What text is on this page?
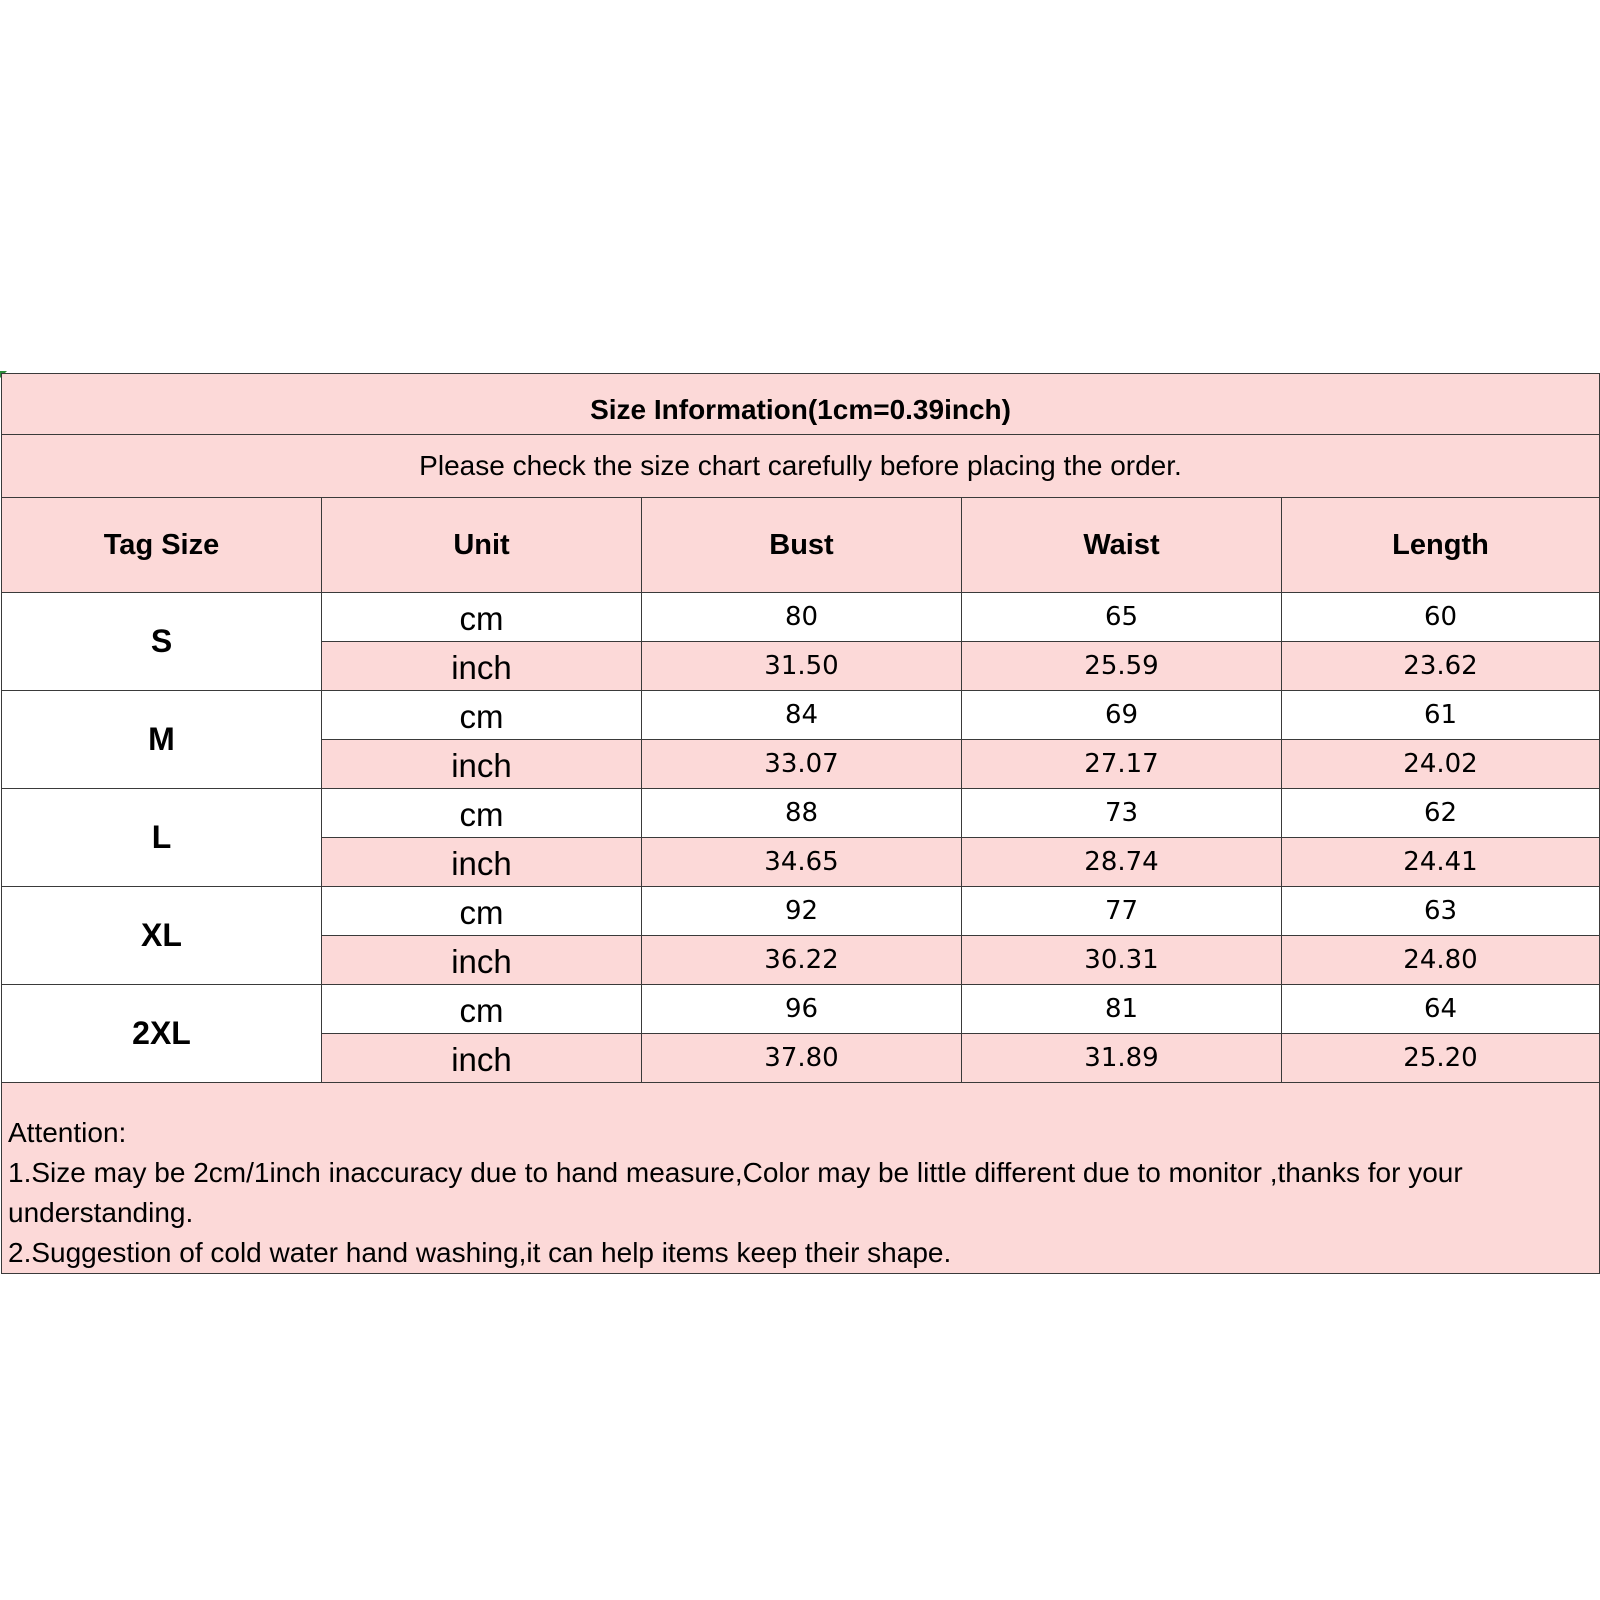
Size Information(1cm=0.39inch)				
Please check the size chart carefully before placing the order.				
Tag Size	Unit	Bust	Waist	Length
S	cm	80	65	60
	inch	31.50	25.59	23.62
M	cm	84	69	61
	inch	33.07	27.17	24.02
L	cm	88	73	62
	inch	34.65	28.74	24.41
XL	cm	92	77	63
	inch	36.22	30.31	24.80
2XL	cm	96	81	64
	inch	37.80	31.89	25.20

Attention:
1.Size may be 2cm/1inch inaccuracy due to hand measure,Color may be little different due to monitor ,thanks for your understanding.
2.Suggestion of cold water hand washing,it can help items keep their shape.				
